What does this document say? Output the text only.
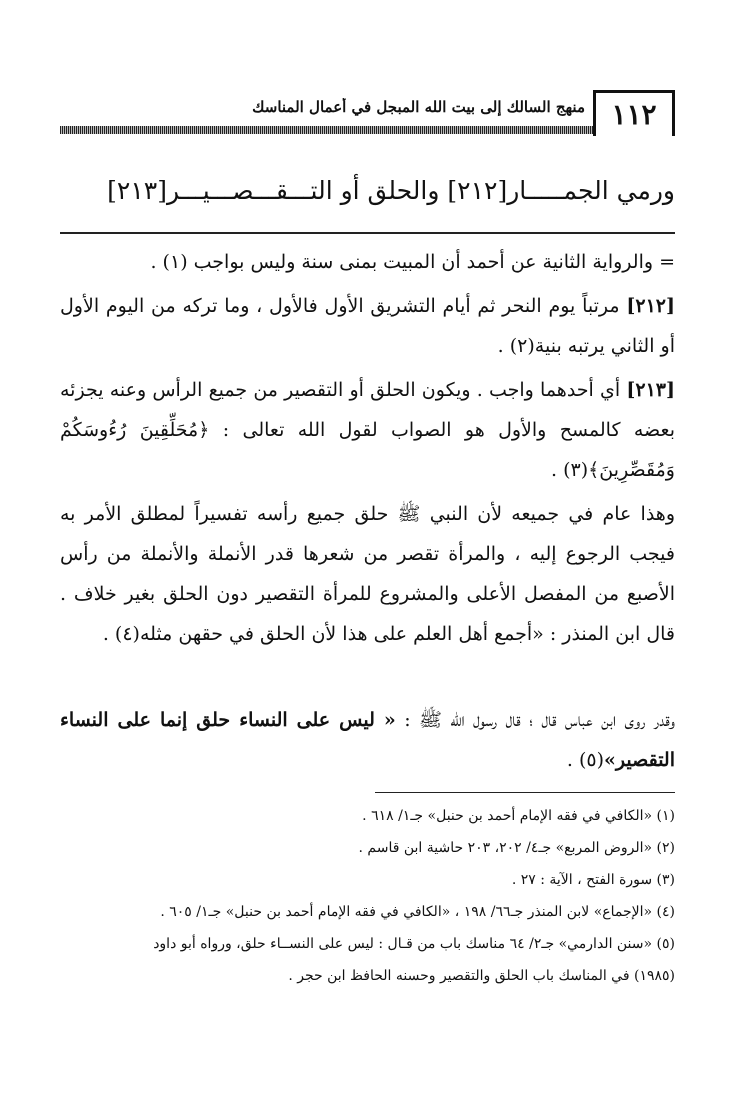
١١٢
منهج السالك إلى بيت الله المبجل في أعمال المناسك
ورمي الجمـــــار[٢١٢] والحلق أو التـــقـــصـــيـــر[٢١٣]
= والرواية الثانية عن أحمد أن المبيت بمنى سنة وليس بواجب (١) .
[٢١٢] مرتباً يوم النحر ثم أيام التشريق الأول فالأول ، وما تركه من اليوم الأول أو الثاني يرتبه بنية(٢) .
[٢١٣] أي أحدهما واجب . ويكون الحلق أو التقصير من جميع الرأس وعنه يجزئه بعضه كالمسح والأول هو الصواب لقول الله تعالى : ﴿مُحَلِّقِينَ رُءُوسَكُمْ وَمُقَصِّرِينَ﴾(٣) .
وهذا عام في جميعه لأن النبي ﷺ حلق جميع رأسه تفسيراً لمطلق الأمر به فيجب الرجوع إليه ، والمرأة تقصر من شعرها قدر الأنملة والأنملة من رأس الأصبع من المفصل الأعلى والمشروع للمرأة التقصير دون الحلق بغير خلاف . قال ابن المنذر : «أجمع أهل العلم على هذا لأن الحلق في حقهن مثله(٤) .
وقدر روى ابن عباس قال ؛ قال رسول الله ﷺ : « ليس على النساء حلق إنما على النساء التقصير»(٥) .
(١) «الكافي في فقه الإمام أحمد بن حنبل» جـ١/ ٦١٨ .
(٢) «الروض المربع» جـ٤/ ٢٠٢، ٢٠٣ حاشية ابن قاسم .
(٣) سورة الفتح ، الآية : ٢٧ .
(٤) «الإجماع» لابن المنذر جـ٦٦/ ١٩٨ ، «الكافي في فقه الإمام أحمد بن حنبل» جـ١/ ٦٠٥ .
(٥) «سنن الدارمي» جـ٢/ ٦٤ مناسك باب من قـال : ليس على النســاء حلق، ورواه أبو داود
(١٩٨٥) في المناسك باب الحلق والتقصير وحسنه الحافظ ابن حجر .
